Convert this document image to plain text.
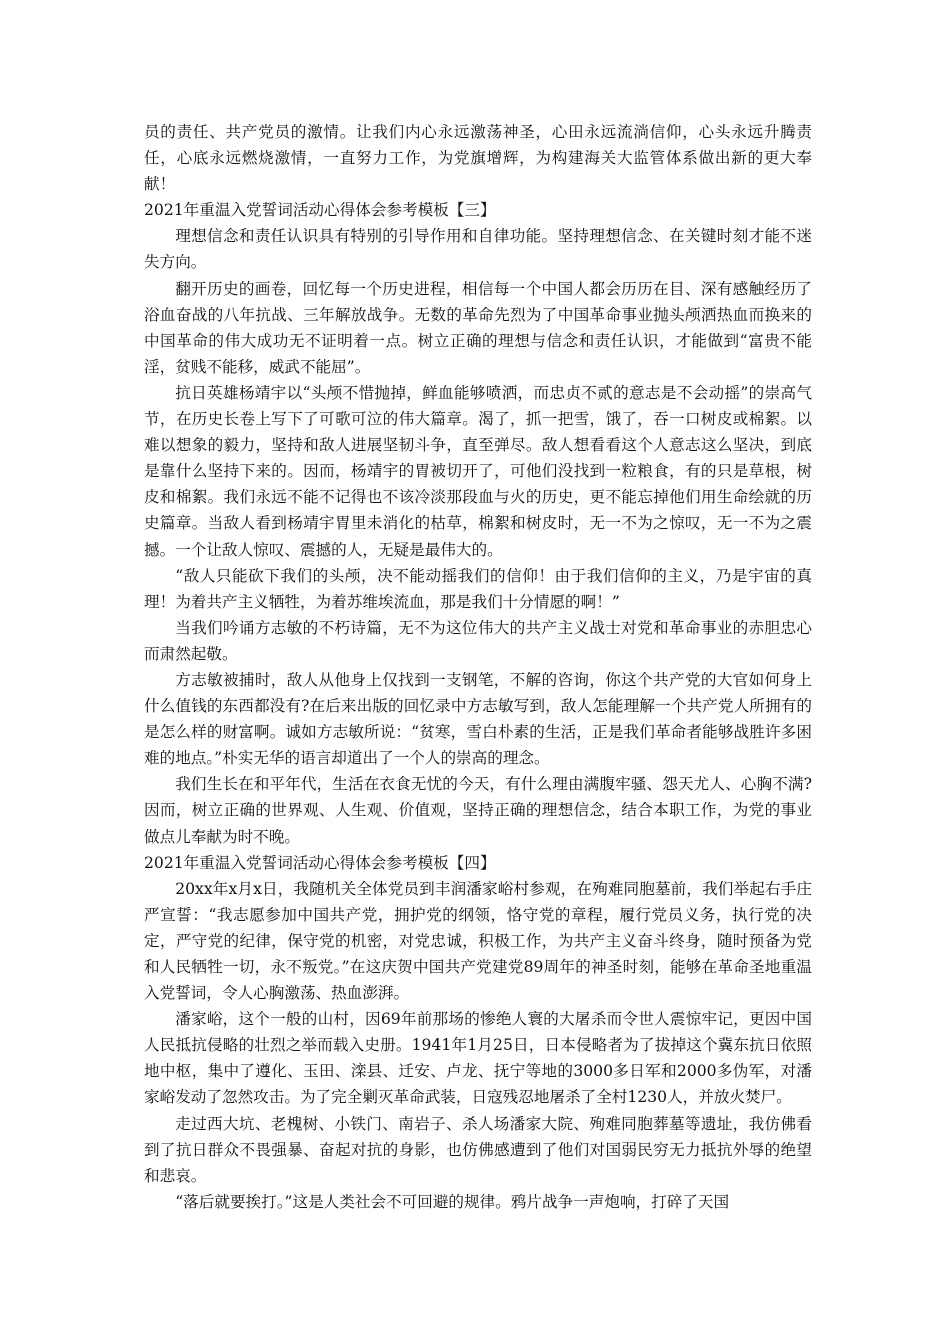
员的责任、共产党员的激情。让我们内心永远激荡神圣，心田永远流淌信仰，心头永远升腾责任，心底永远燃烧激情，一直努力工作，为党旗增辉，为构建海关大监管体系做出新的更大奉献！

2021年重温入党誓词活动心得体会参考模板【三】

理想信念和责任认识具有特别的引导作用和自律功能。坚持理想信念、在关键时刻才能不迷失方向。

翻开历史的画卷，回忆每一个历史进程，相信每一个中国人都会历历在目、深有感触经历了浴血奋战的八年抗战、三年解放战争。无数的革命先烈为了中国革命事业抛头颅洒热血而换来的中国革命的伟大成功无不证明着一点。树立正确的理想与信念和责任认识，才能做到“富贵不能淫，贫贱不能移，威武不能屈”。

抗日英雄杨靖宇以“头颅不惜抛掉，鲜血能够喷洒，而忠贞不贰的意志是不会动摇”的崇高气节，在历史长卷上写下了可歌可泣的伟大篇章。渴了，抓一把雪，饿了，吞一口树皮或棉絮。以难以想象的毅力，坚持和敌人进展坚韧斗争，直至弹尽。敌人想看看这个人意志这么坚决，到底是靠什么坚持下来的。因而，杨靖宇的胃被切开了，可他们没找到一粒粮食，有的只是草根，树皮和棉絮。我们永远不能不记得也不该冷淡那段血与火的历史，更不能忘掉他们用生命绘就的历史篇章。当敌人看到杨靖宇胃里未消化的枯草，棉絮和树皮时，无一不为之惊叹，无一不为之震撼。一个让敌人惊叹、震撼的人，无疑是最伟大的。

“敌人只能砍下我们的头颅，决不能动摇我们的信仰！由于我们信仰的主义，乃是宇宙的真理！为着共产主义牺牲，为着苏维埃流血，那是我们十分情愿的啊！”

当我们吟诵方志敏的不朽诗篇，无不为这位伟大的共产主义战士对党和革命事业的赤胆忠心而肃然起敬。

方志敏被捕时，敌人从他身上仅找到一支钢笔，不解的咨询，你这个共产党的大官如何身上什么值钱的东西都没有?在后来出版的回忆录中方志敏写到，敌人怎能理解一个共产党人所拥有的是怎么样的财富啊。诚如方志敏所说：“贫寒，雪白朴素的生活，正是我们革命者能够战胜许多困难的地点。”朴实无华的语言却道出了一个人的崇高的理念。

我们生长在和平年代，生活在衣食无忧的今天，有什么理由满腹牢骚、怨天尤人、心胸不满?因而，树立正确的世界观、人生观、价值观，坚持正确的理想信念，结合本职工作，为党的事业做点儿奉献为时不晚。

2021年重温入党誓词活动心得体会参考模板【四】

20xx年x月x日，我随机关全体党员到丰润潘家峪村参观，在殉难同胞墓前，我们举起右手庄严宣誓：“我志愿参加中国共产党，拥护党的纲领，恪守党的章程，履行党员义务，执行党的决定，严守党的纪律，保守党的机密，对党忠诚，积极工作，为共产主义奋斗终身，随时预备为党和人民牺牲一切，永不叛党。”在这庆贺中国共产党建党89周年的神圣时刻，能够在革命圣地重温入党誓词，令人心胸激荡、热血澎湃。

潘家峪，这个一般的山村，因69年前那场的惨绝人寰的大屠杀而令世人震惊牢记，更因中国人民抵抗侵略的壮烈之举而载入史册。1941年1月25日，日本侵略者为了拔掉这个冀东抗日依照地中枢，集中了遵化、玉田、滦县、迁安、卢龙、抚宁等地的3000多日军和2000多伪军，对潘家峪发动了忽然攻击。为了完全剿灭革命武装，日寇残忍地屠杀了全村1230人，并放火焚尸。

走过西大坑、老槐树、小铁门、南岩子、杀人场潘家大院、殉难同胞葬墓等遗址，我仿佛看到了抗日群众不畏强暴、奋起对抗的身影，也仿佛感遭到了他们对国弱民穷无力抵抗外辱的绝望和悲哀。

“落后就要挨打。”这是人类社会不可回避的规律。鸦片战争一声炮响，打碎了天国
